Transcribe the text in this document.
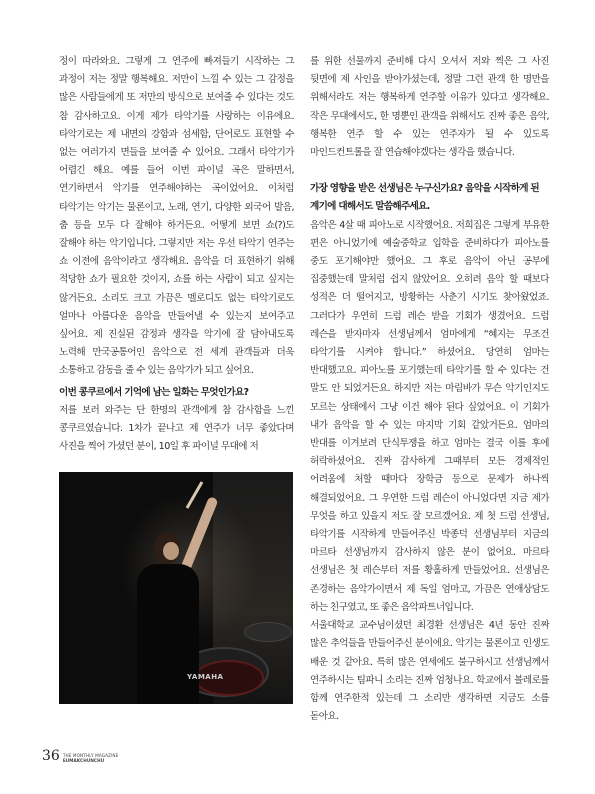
정이 따라와요. 그렇게 그 연주에 빠져들기 시작하는 그 과정이 저는 정말 행복해요. 저만이 느낄 수 있는 그 감정을 많은 사람들에게 또 저만의 방식으로 보여줄 수 있다는 것도 참 감사하고요. 이게 제가 타악기를 사랑하는 이유에요. 타악기로는 제 내면의 강함과 섬세함, 단어로도 표현할 수 없는 여러가지 면들을 보여줄 수 있어요. 그래서 타악기가 어렵긴 해요. 예를 들어 이번 파이널 곡은 말하면서, 연기하면서 악기를 연주해야하는 곡이었어요. 이처럼 타악기는 악기는 물론이고, 노래, 연기, 다양한 외국어 발음, 춤 등을 모두 다 잘해야 하거든요. 어떻게 보면 쇼(?)도 잘해야 하는 악기입니다. 그렇지만 저는 우선 타악기 연주는 쇼 이전에 음악이라고 생각해요. 음악을 더 표현하기 위해 적당한 쇼가 필요한 것이지, 쇼를 하는 사람이 되고 싶지는 않거든요. 소리도 크고 가끔은 멜로디도 없는 타악기로도 얼마나 아름다운 음악을 만들어낼 수 있는지 보여주고 싶어요. 제 진실된 감정과 생각을 악기에 잘 담아내도록 노력해 만국공통어인 음악으로 전 세계 관객들과 더욱 소통하고 감동을 줄 수 있는 음악가가 되고 싶어요.

이번 콩쿠르에서 기억에 남는 일화는 무엇인가요?

저를 보러 와주는 단 한명의 관객에게 참 감사함을 느낀 콩쿠르였습니다. 1차가 끝나고 제 연주가 너무 좋았다며 사진을 찍어 가셨던 분이, 10일 후 파이널 무대에 저

YAMAHA

를 위한 선물까지 준비해 다시 오셔서 저와 찍은 그 사진 뒷면에 제 사인을 받아가셨는데, 정말 그런 관객 한 명만을 위해서라도 저는 행복하게 연주할 이유가 있다고 생각해요. 작은 무대에서도, 한 명뿐인 관객을 위해서도 진짜 좋은 음악, 행복한 연주 할 수 있는 연주자가 될 수 있도록 마인드컨트롤을 잘 연습해야겠다는 생각을 했습니다.

가장 영향을 받은 선생님은 누구신가요? 음악을 시작하게 된 계기에 대해서도 말씀해주세요.

음악은 4살 때 피아노로 시작했어요. 저희집은 그렇게 부유한 편은 아니었기에 예술중학교 입학을 준비하다가 피아노를 중도 포기해야만 했어요. 그 후로 음악이 아닌 공부에 집중했는데 말처럼 쉽지 않았어요. 오히려 음악 할 때보다 성적은 더 떨어지고, 방황하는 사춘기 시기도 찾아왔었죠. 그러다가 우연히 드럼 레슨 받을 기회가 생겼어요. 드럼 레슨을 받자마자 선생님께서 엄마에게 “혜지는 무조건 타악기를 시켜야 합니다.” 하셨어요. 당연히 엄마는 반대했고요. 피아노를 포기했는데 타악기를 할 수 있다는 건 말도 안 되었거든요. 하지만 저는 마림바가 무슨 악기인지도 모르는 상태에서 그냥 이건 해야 된다 싶었어요. 이 기회가 내가 음악을 할 수 있는 마지막 기회 같았거든요. 엄마의 반대를 이겨보려 단식투쟁을 하고 엄마는 결국 이를 후에 허락하셨어요. 진짜 감사하게 그때부터 모든 경제적인 어려움에 처할 때마다 장학금 등으로 문제가 하나씩 해결되었어요. 그 우연한 드럼 레슨이 아니었다면 지금 제가 무엇을 하고 있을지 저도 잘 모르겠어요. 제 첫 드럼 선생님, 타악기를 시작하게 만들어주신 박종덕 선생님부터 지금의 마르타 선생님까지 감사하지 않은 분이 없어요. 마르타 선생님은 첫 레슨부터 저를 황홀하게 만들었어요. 선생님은 존경하는 음악가이면서 제 독일 엄마고, 가끔은 연애상담도 하는 친구였고, 또 좋은 음악파트너입니다.

서울대학교 교수님이셨던 최경환 선생님은 4년 동안 진짜 많은 추억들을 만들어주신 분이에요. 악기는 물론이고 인생도 배운 것 같아요. 특히 많은 연세에도 불구하시고 선생님께서 연주하시는 팀파니 소리는 진짜 엄청나요. 학교에서 볼레로를 함께 연주한적 있는데 그 소리만 생각하면 지금도 소름 돋아요.

36 THE MONTHLY MAGAZINE
EUMAKCHUNCHU
